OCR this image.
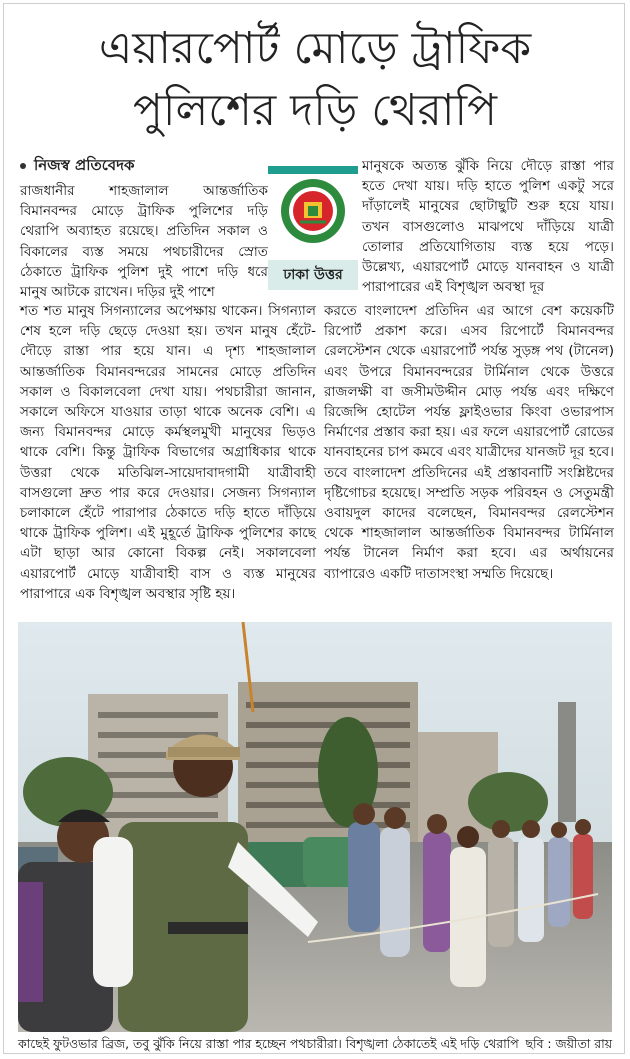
এয়ারপোর্ট মোড়ে ট্রাফিক
পুলিশের দড়ি থেরাপি
নিজস্ব প্রতিবেদক

রাজধানীর শাহজালাল আন্তর্জাতিক বিমানবন্দর মোড়ে ট্রাফিক পুলিশের দড়ি থেরাপি অব্যাহত রয়েছে। প্রতিদিন সকাল ও বিকালের ব্যস্ত সময়ে পথচারীদের স্রোত ঠেকাতে ট্রাফিক পুলিশ দুই পাশে দড়ি ধরে মানুষ আটকে রাখেন। দড়ির দুই পাশে

ঢাকা উত্তর

শত শত মানুষ সিগন্যালের অপেক্ষায় থাকেন। সিগন্যাল শেষ হলে দড়ি ছেড়ে দেওয়া হয়। তখন মানুষ হেঁটে-দৌড়ে রাস্তা পার হয়ে যান। এ দৃশ্য শাহজালাল আন্তর্জাতিক বিমানবন্দরের সামনের মোড়ে প্রতিদিন সকাল ও বিকালবেলা দেখা যায়। পথচারীরা জানান, সকালে অফিসে যাওয়ার তাড়া থাকে অনেক বেশি। এ জন্য বিমানবন্দর মোড়ে কর্মস্থলমুখী মানুষের ভিড়ও থাকে বেশি। কিন্তু ট্রাফিক বিভাগের অগ্রাধিকার থাকে উত্তরা থেকে মতিঝিল-সায়েদাবাদগামী যাত্রীবাহী বাসগুলো দ্রুত পার করে দেওয়ার। সেজন্য সিগন্যাল চলাকালে হেঁটে পারাপার ঠেকাতে দড়ি হাতে দাঁড়িয়ে থাকে ট্রাফিক পুলিশ। এই মুহূর্তে ট্রাফিক পুলিশের কাছে এটা ছাড়া আর কোনো বিকল্প নেই। সকালবেলা এয়ারপোর্ট মোড়ে যাত্রীবাহী বাস ও ব্যস্ত মানুষের পারাপারে এক বিশৃঙ্খল অবস্থার সৃষ্টি হয়।

মানুষকে অত্যন্ত ঝুঁকি নিয়ে দৌড়ে রাস্তা পার হতে দেখা যায়। দড়ি হাতে পুলিশ একটু সরে দাঁড়ালেই মানুষের ছোটাছুটি শুরু হয়ে যায়। তখন বাসগুলোও মাঝপথে দাঁড়িয়ে যাত্রী তোলার প্রতিযোগিতায় ব্যস্ত হয়ে পড়ে। উল্লেখ্য, এয়ারপোর্ট মোড়ে যানবাহন ও যাত্রী পারাপারের এই বিশৃঙ্খল অবস্থা দূর

করতে বাংলাদেশ প্রতিদিন এর আগে বেশ কয়েকটি রিপোর্ট প্রকাশ করে। এসব রিপোর্টে বিমানবন্দর রেলস্টেশন থেকে এয়ারপোর্ট পর্যন্ত সুড়ঙ্গ পথ (টানেল) এবং উপরে বিমানবন্দরের টার্মিনাল থেকে উত্তরে রাজলক্ষী বা জসীমউদ্দীন মোড় পর্যন্ত এবং দক্ষিণে রিজেন্সি হোটেল পর্যন্ত ফ্লাইওভার কিংবা ওভারপাস নির্মাণের প্রস্তাব করা হয়। এর ফলে এয়ারপোর্ট রোডের যানবাহনের চাপ কমবে এবং যাত্রীদের যানজট দূর হবে। তবে বাংলাদেশ প্রতিদিনের এই প্রস্তাবনাটি সংশ্লিষ্টদের দৃষ্টিগোচর হয়েছে। সম্প্রতি সড়ক পরিবহন ও সেতুমন্ত্রী ওবায়দুল কাদের বলেছেন, বিমানবন্দর রেলস্টেশন থেকে শাহজালাল আন্তর্জাতিক বিমানবন্দর টার্মিনাল পর্যন্ত টানেল নির্মাণ করা হবে। এর অর্থায়নের ব্যাপারেও একটি দাতাসংস্থা সম্মতি দিয়েছে।

কাছেই ফুটওভার ব্রিজ, তবু ঝুঁকি নিয়ে রাস্তা পার হচ্ছেন পথচারীরা। বিশৃঙ্খলা ঠেকাতেই এই দড়ি থেরাপি ছবি : জয়ীতা রায়
